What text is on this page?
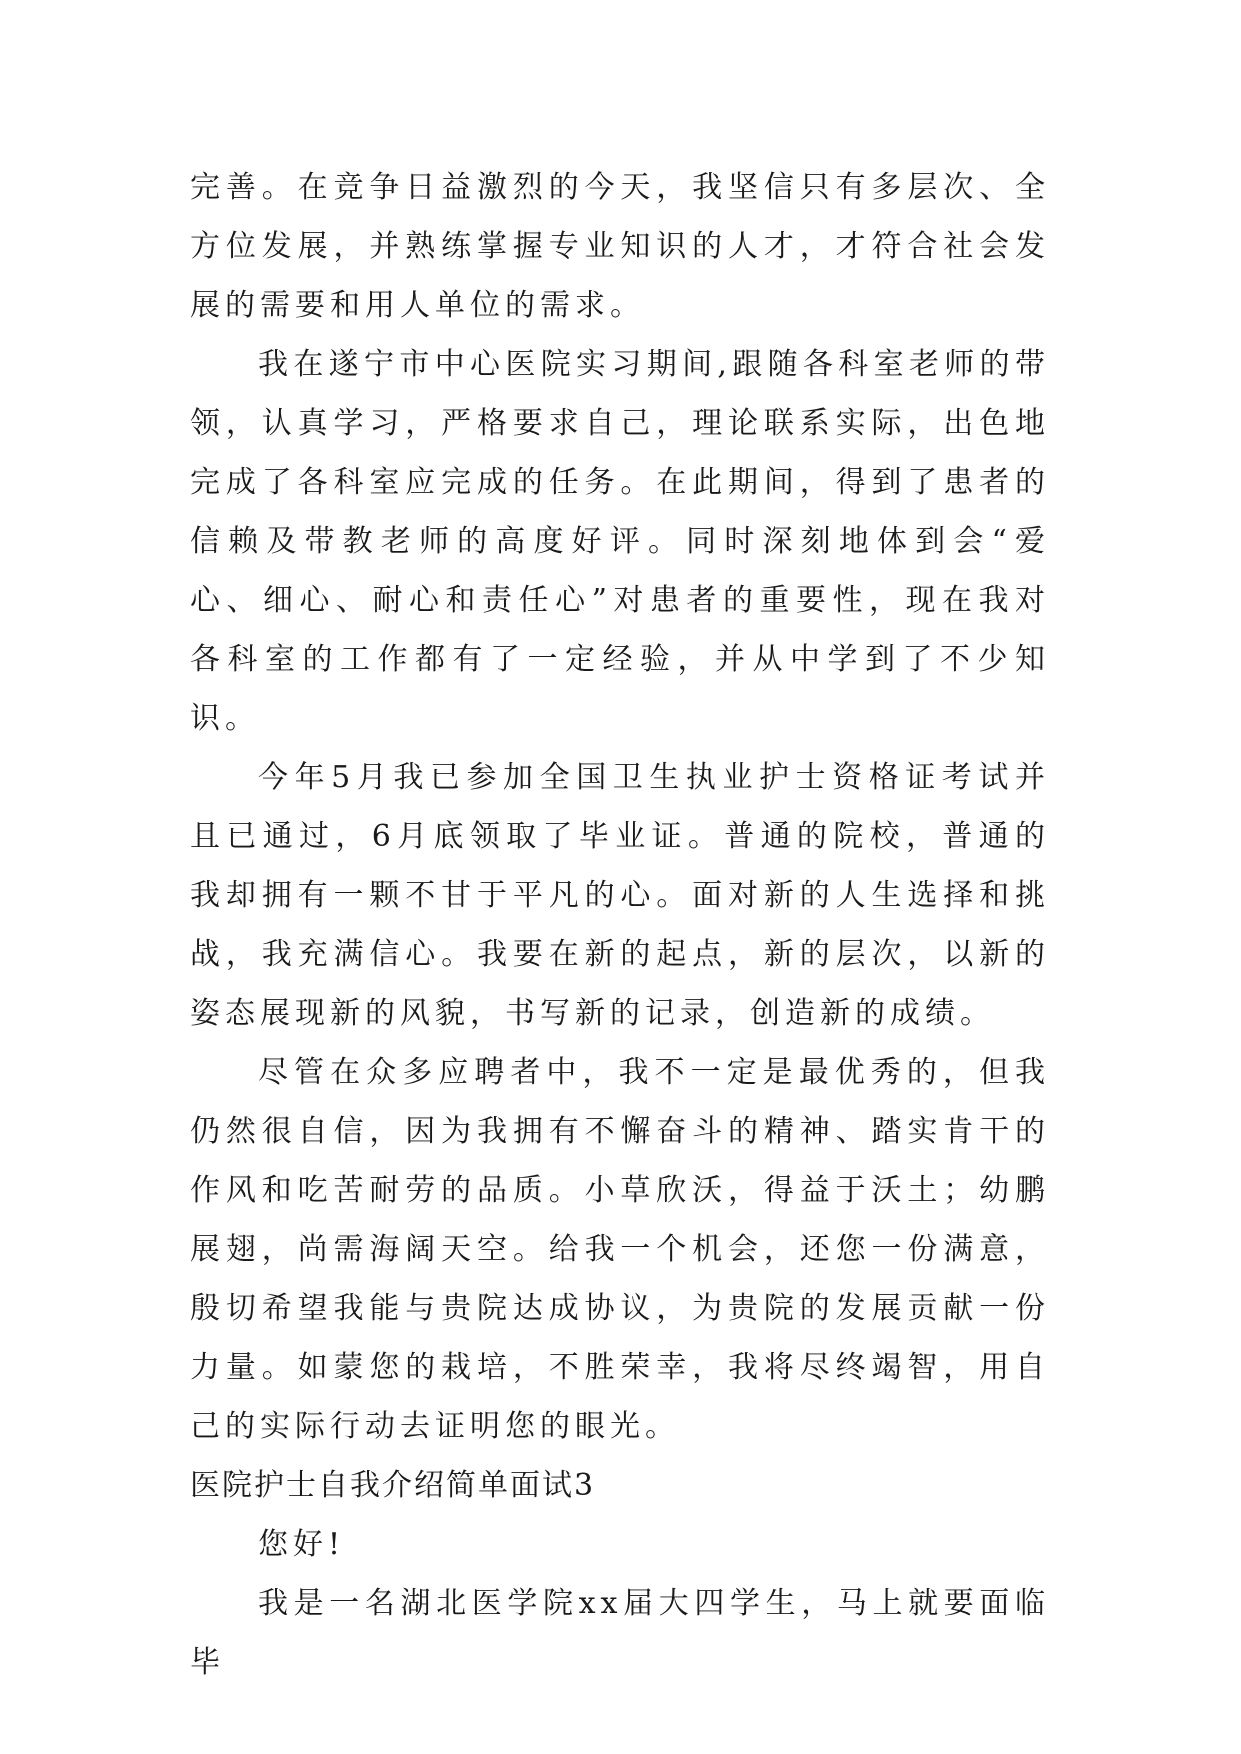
完善。在竞争日益激烈的今天，我坚信只有多层次、全方位发展，并熟练掌握专业知识的人才，才符合社会发展的需要和用人单位的需求。

我在遂宁市中心医院实习期间,跟随各科室老师的带领，认真学习，严格要求自己，理论联系实际，出色地完成了各科室应完成的任务。在此期间，得到了患者的信赖及带教老师的高度好评。同时深刻地体到会“爱心、细心、耐心和责任心”对患者的重要性，现在我对各科室的工作都有了一定经验，并从中学到了不少知识。

今年5月我已参加全国卫生执业护士资格证考试并且已通过，6月底领取了毕业证。普通的院校，普通的我却拥有一颗不甘于平凡的心。面对新的人生选择和挑战，我充满信心。我要在新的起点，新的层次，以新的姿态展现新的风貌，书写新的记录，创造新的成绩。

尽管在众多应聘者中，我不一定是最优秀的，但我仍然很自信，因为我拥有不懈奋斗的精神、踏实肯干的作风和吃苦耐劳的品质。小草欣沃，得益于沃土；幼鹏展翅，尚需海阔天空。给我一个机会，还您一份满意，殷切希望我能与贵院达成协议，为贵院的发展贡献一份力量。如蒙您的栽培，不胜荣幸，我将尽终竭智，用自己的实际行动去证明您的眼光。

医院护士自我介绍简单面试3

您好!

我是一名湖北医学院xx届大四学生，马上就要面临毕
